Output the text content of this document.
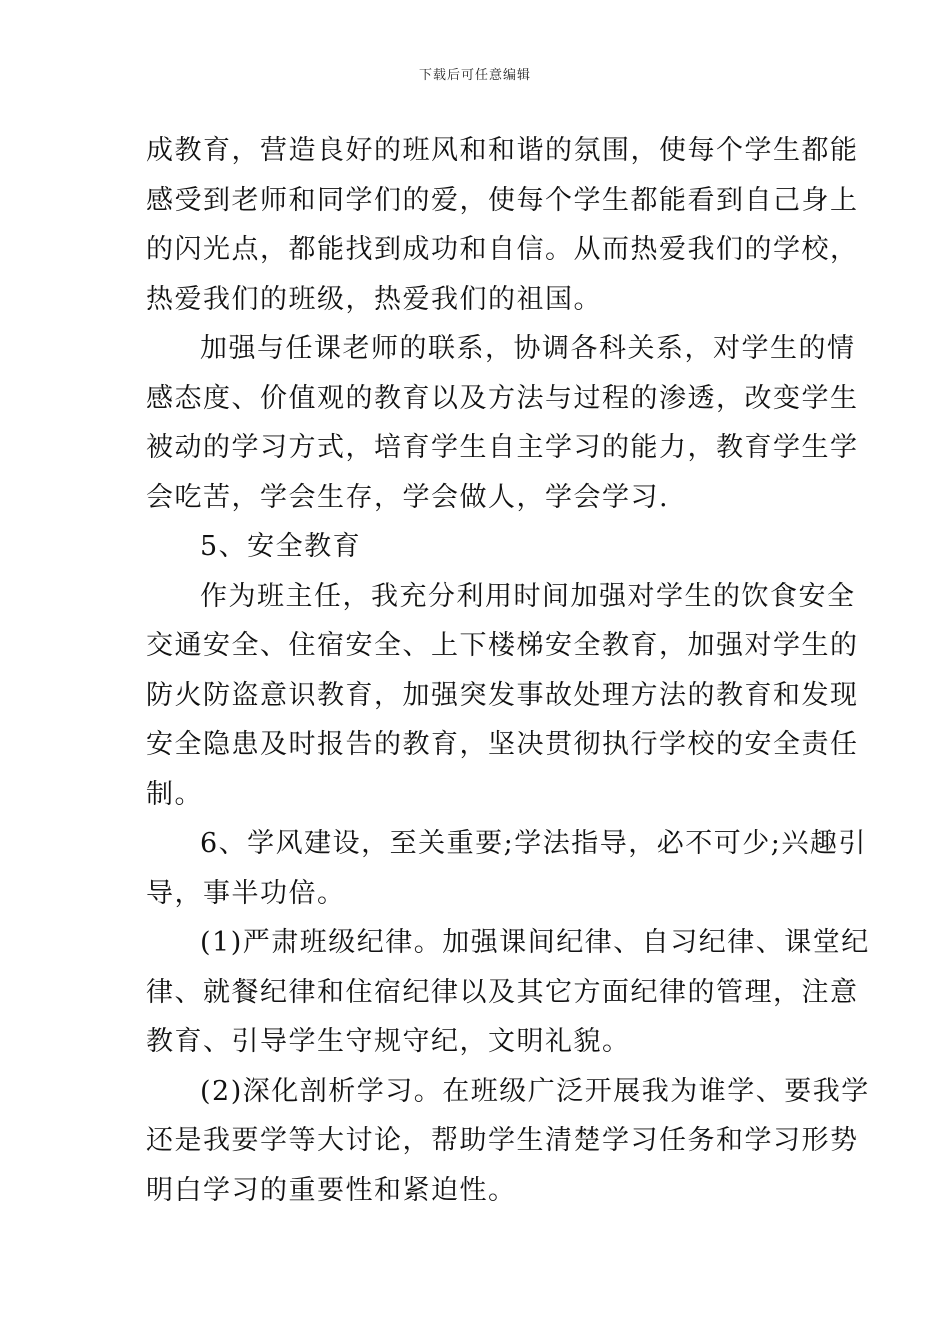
下载后可任意编辑

成教育，营造良好的班风和和谐的氛围，使每个学生都能
感受到老师和同学们的爱，使每个学生都能看到自己身上
的闪光点，都能找到成功和自信。从而热爱我们的学校，
热爱我们的班级，热爱我们的祖国。

加强与任课老师的联系，协调各科关系，对学生的情
感态度、价值观的教育以及方法与过程的渗透，改变学生
被动的学习方式，培育学生自主学习的能力，教育学生学
会吃苦，学会生存，学会做人，学会学习.

5、安全教育

作为班主任，我充分利用时间加强对学生的饮食安全
交通安全、住宿安全、上下楼梯安全教育，加强对学生的
防火防盗意识教育，加强突发事故处理方法的教育和发现
安全隐患及时报告的教育，坚决贯彻执行学校的安全责任
制。

6、学风建设，至关重要;学法指导，必不可少;兴趣引
导，事半功倍。

(1)严肃班级纪律。加强课间纪律、自习纪律、课堂纪
律、就餐纪律和住宿纪律以及其它方面纪律的管理，注意
教育、引导学生守规守纪，文明礼貌。

(2)深化剖析学习。在班级广泛开展我为谁学、要我学
还是我要学等大讨论，帮助学生清楚学习任务和学习形势
明白学习的重要性和紧迫性。
